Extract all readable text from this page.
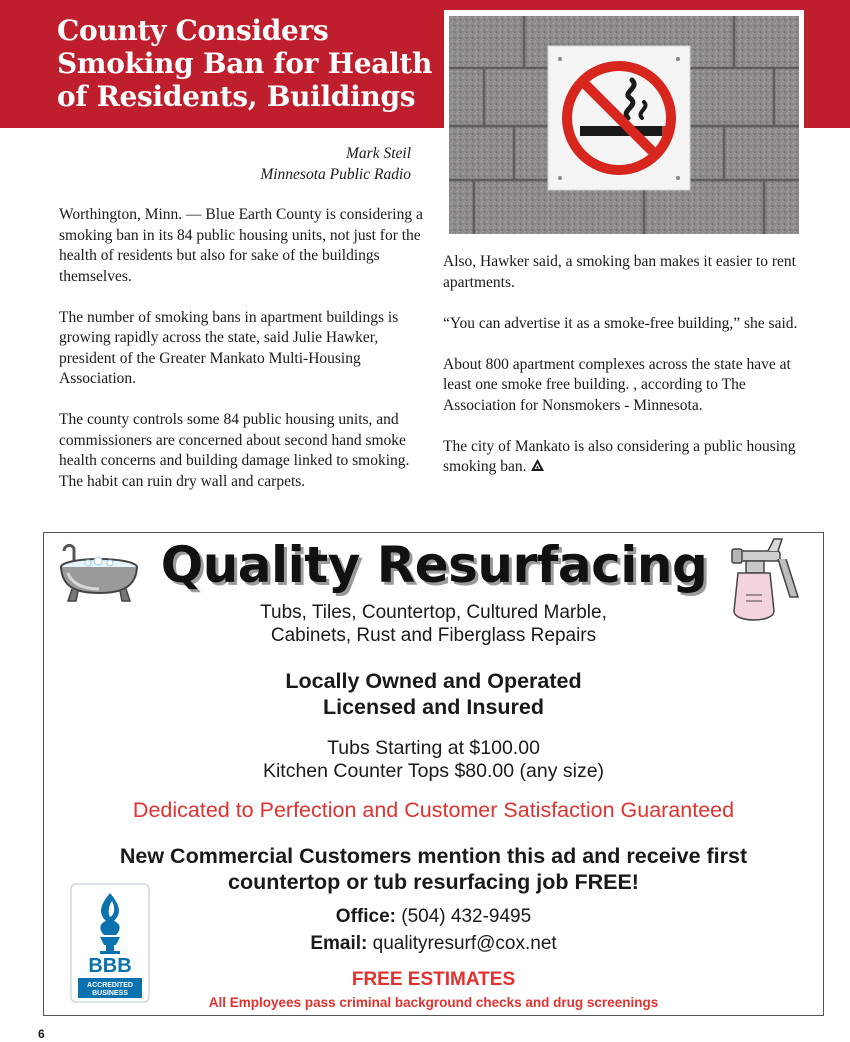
County Considers Smoking Ban for Health of Residents, Buildings
Mark Steil
Minnesota Public Radio

Worthington, Minn. — Blue Earth County is considering a smoking ban in its 84 public housing units, not just for the health of residents but also for sake of the buildings themselves.

The number of smoking bans in apartment buildings is growing rapidly across the state, said Julie Hawker, president of the Greater Mankato Multi-Housing Association.

The county controls some 84 public housing units, and commissioners are concerned about second hand smoke health concerns and building damage linked to smoking. The habit can ruin dry wall and carpets.

Also, Hawker said, a smoking ban makes it easier to rent apartments.

“You can advertise it as a smoke-free building,” she said.

About 800 apartment complexes across the state have at least one smoke free building. , according to The Association for Nonsmokers - Minnesota.

The city of Mankato is also considering a public housing smoking ban.

Quality Resurfacing
Tubs, Tiles, Countertop, Cultured Marble,
Cabinets, Rust and Fiberglass Repairs
Locally Owned and Operated
Licensed and Insured
Tubs Starting at $100.00
Kitchen Counter Tops $80.00 (any size)
Dedicated to Perfection and Customer Satisfaction Guaranteed
New Commercial Customers mention this ad and receive first
countertop or tub resurfacing job FREE!
Office: (504) 432-9495
Email: qualityresurf@cox.net
FREE ESTIMATES
All Employees pass criminal background checks and drug screenings
BBB
ACCREDITED
BUSINESS
6
